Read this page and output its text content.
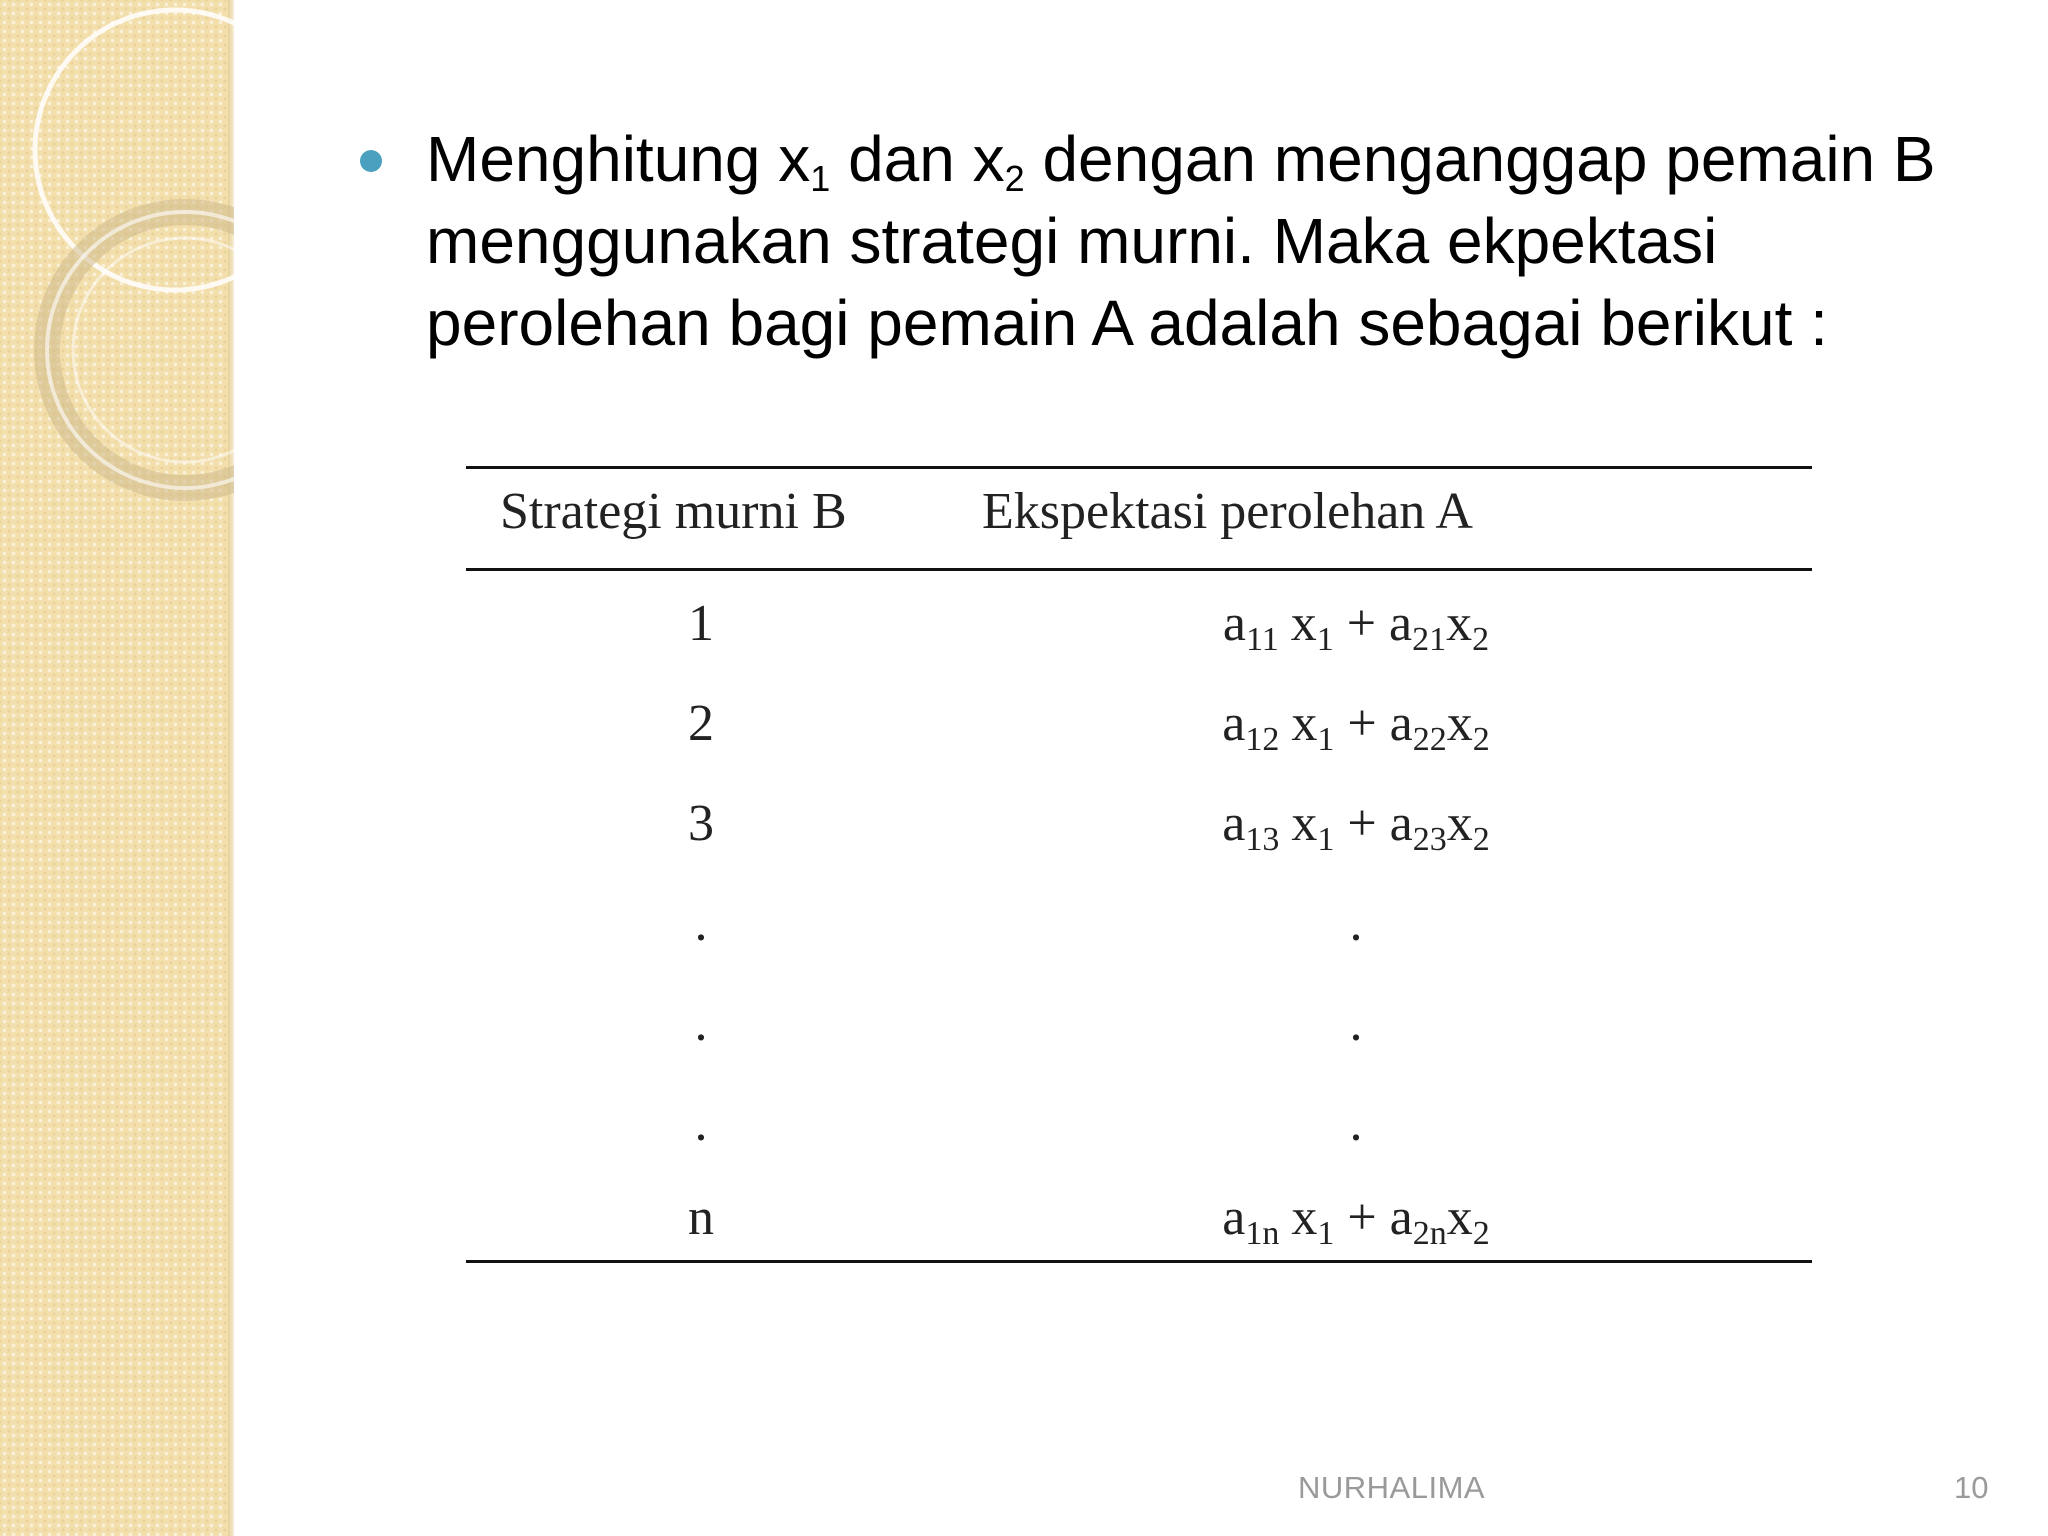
Menghitung $x_1$ dan $x_2$ dengan menganggap pemain B menggunakan strategi murni. Maka ekpektasi perolehan bagi pemain A adalah sebagai berikut :
Strategi murni B	Ekspektasi perolehan A
1	$a_{11}$ $x_1 + a_{21}x_2$
2	$a_{12}$ $x_1 + a_{22}x_2$
3	$a_{13}$ $x_1 + a_{23}x_2$
.	.
.	.
.	.
n	$a_{1n}$ $x_1 + a_{2n}x_2$
NURHALIMA	10
